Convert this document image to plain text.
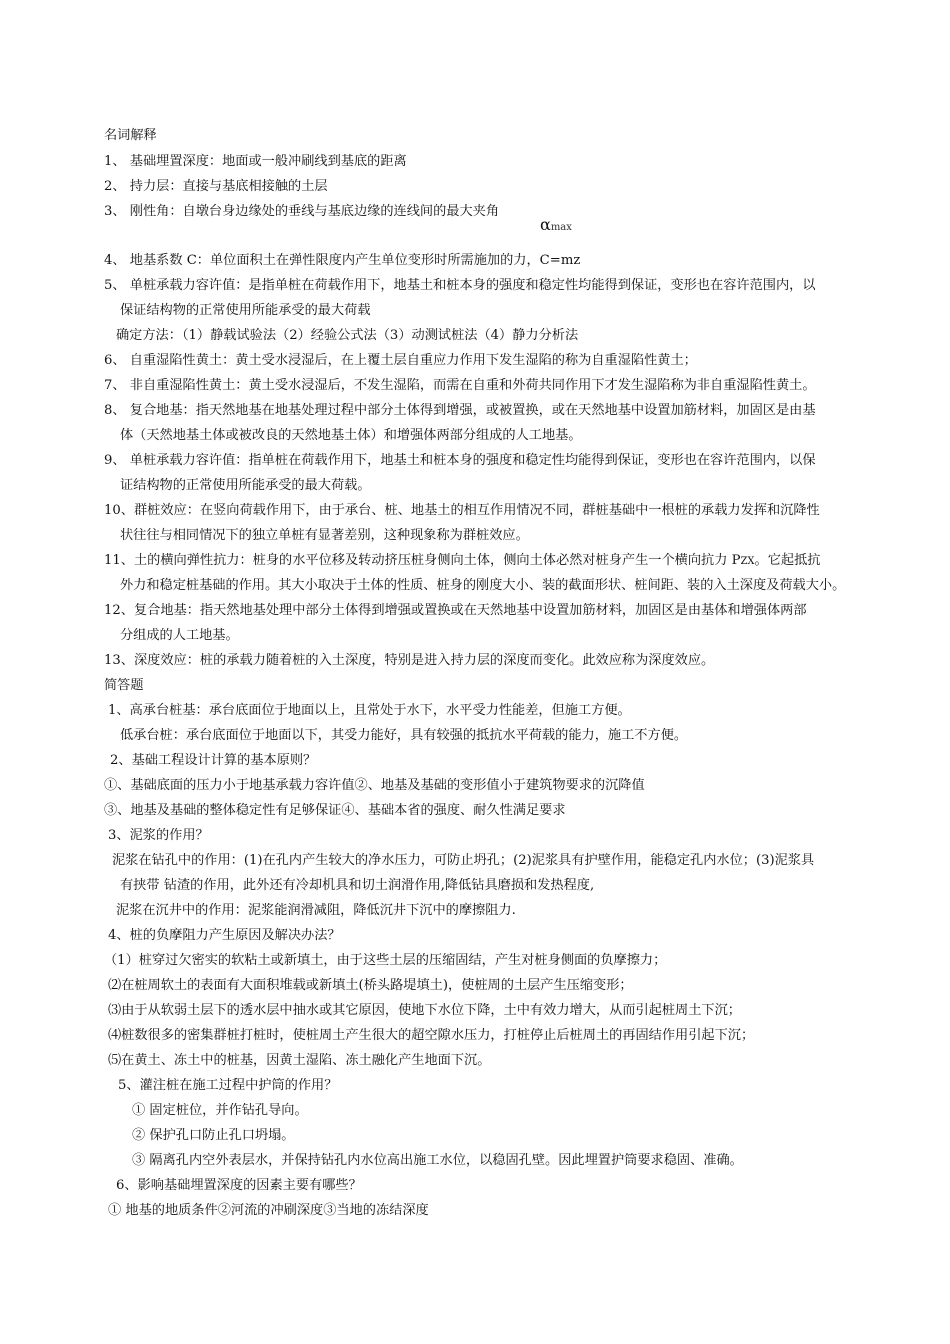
名词解释
1、 基础埋置深度：地面或一般冲刷线到基底的距离
2、 持力层：直接与基底相接触的土层
3、 刚性角：自墩台身边缘处的垂线与基底边缘的连线间的最大夹角
αmax
4、 地基系数 C：单位面积土在弹性限度内产生单位变形时所需施加的力，C=mz
5、 单桩承载力容许值：是指单桩在荷载作用下，地基土和桩本身的强度和稳定性均能得到保证，变形也在容许范围内，以
保证结构物的正常使用所能承受的最大荷载
确定方法：（1）静载试验法（2）经验公式法（3）动测试桩法（4）静力分析法
6、 自重湿陷性黄土：黄土受水浸湿后，在上覆土层自重应力作用下发生湿陷的称为自重湿陷性黄土；
7、 非自重湿陷性黄土：黄土受水浸湿后，不发生湿陷，而需在自重和外荷共同作用下才发生湿陷称为非自重湿陷性黄土。
8、 复合地基：指天然地基在地基处理过程中部分土体得到增强，或被置换，或在天然地基中设置加筋材料，加固区是由基
体（天然地基土体或被改良的天然地基土体）和增强体两部分组成的人工地基。
9、 单桩承载力容许值：指单桩在荷载作用下，地基土和桩本身的强度和稳定性均能得到保证，变形也在容许范围内，以保
证结构物的正常使用所能承受的最大荷载。
10、群桩效应：在竖向荷载作用下，由于承台、桩、地基土的相互作用情况不同，群桩基础中一根桩的承载力发挥和沉降性
状往往与相同情况下的独立单桩有显著差别，这种现象称为群桩效应。
11、土的横向弹性抗力：桩身的水平位移及转动挤压桩身侧向土体，侧向土体必然对桩身产生一个横向抗力 PZX。它起抵抗
外力和稳定桩基础的作用。其大小取决于土体的性质、桩身的刚度大小、装的截面形状、桩间距、装的入土深度及荷载大小。
12、复合地基：指天然地基处理中部分土体得到增强或置换或在天然地基中设置加筋材料，加固区是由基体和增强体两部
分组成的人工地基。
13、深度效应：桩的承载力随着桩的入土深度，特别是进入持力层的深度而变化。此效应称为深度效应。
简答题
1、高承台桩基：承台底面位于地面以上，且常处于水下，水平受力性能差，但施工方便。
低承台桩：承台底面位于地面以下，其受力能好，具有较强的抵抗水平荷载的能力，施工不方便。
2、基础工程设计计算的基本原则？
①、基础底面的压力小于地基承载力容许值②、地基及基础的变形值小于建筑物要求的沉降值
③、地基及基础的整体稳定性有足够保证④、基础本省的强度、耐久性满足要求
3、泥浆的作用？
泥浆在钻孔中的作用：(1)在孔内产生较大的净水压力，可防止坍孔；(2)泥浆具有护壁作用，能稳定孔内水位；(3)泥浆具
有挟带 钻渣的作用，此外还有冷却机具和切土润滑作用,降低钻具磨损和发热程度,
泥浆在沉井中的作用：泥浆能润滑减阻，降低沉井下沉中的摩擦阻力.
4、桩的负摩阻力产生原因及解决办法？
（1）桩穿过欠密实的软粘土或新填土，由于这些土层的压缩固结，产生对桩身侧面的负摩擦力；
⑵在桩周软土的表面有大面积堆载或新填土(桥头路堤填土)，使桩周的土层产生压缩变形；
⑶由于从软弱土层下的透水层中抽水或其它原因，使地下水位下降，土中有效力增大，从而引起桩周土下沉；
⑷桩数很多的密集群桩打桩时，使桩周土产生很大的超空隙水压力，打桩停止后桩周土的再固结作用引起下沉；
⑸在黄土、冻土中的桩基，因黄土湿陷、冻土融化产生地面下沉。
5、灌注桩在施工过程中护筒的作用？
① 固定桩位，并作钻孔导向。
② 保护孔口防止孔口坍塌。
③ 隔离孔内空外表层水，并保持钻孔内水位高出施工水位，以稳固孔壁。因此埋置护筒要求稳固、准确。
6、影响基础埋置深度的因素主要有哪些？
① 地基的地质条件②河流的冲刷深度③当地的冻结深度
